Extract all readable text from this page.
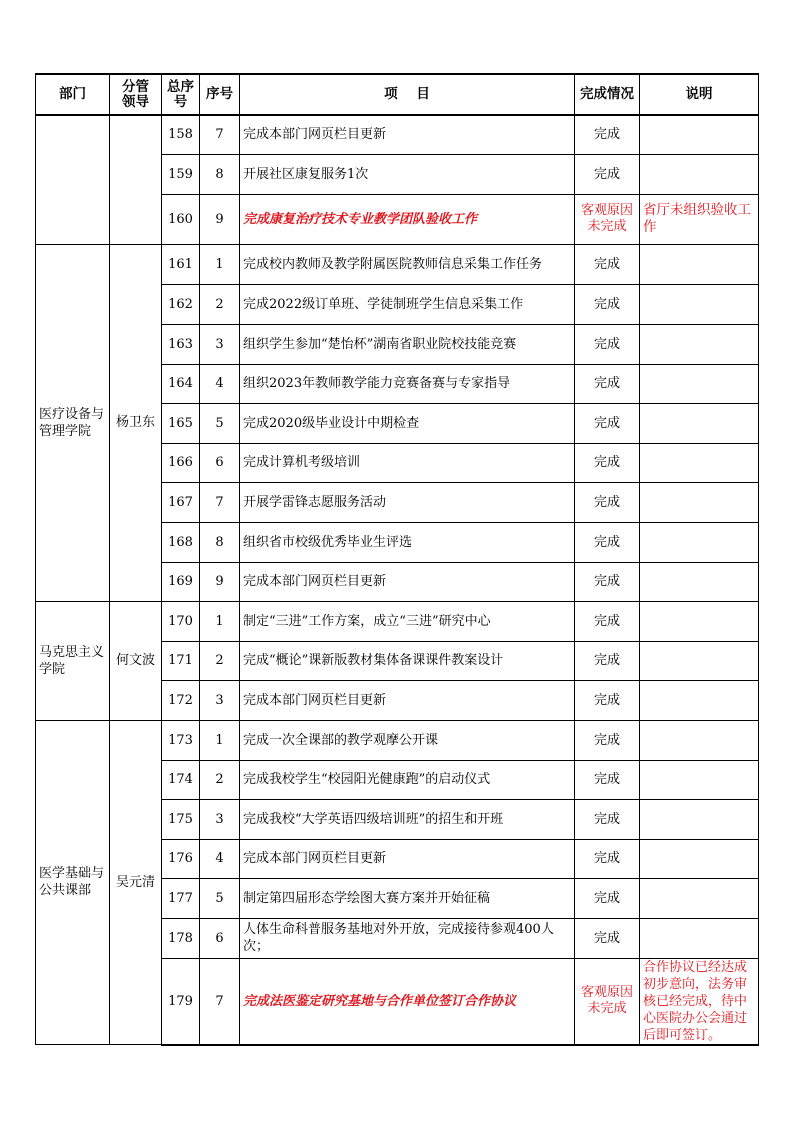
部门	分管领导	总序号	序号	项 目	完成情况	说明
		158	7	完成本部门网页栏目更新	完成	
		159	8	开展社区康复服务1次	完成	
		160	9	完成康复治疗技术专业教学团队验收工作	客观原因未完成	省厅未组织验收工作
医疗设备与管理学院	杨卫东	161	1	完成校内教师及教学附属医院教师信息采集工作任务	完成	
		162	2	完成2022级订单班、学徒制班学生信息采集工作	完成	
		163	3	组织学生参加“楚怡杯”湖南省职业院校技能竞赛	完成	
		164	4	组织2023年教师教学能力竞赛备赛与专家指导	完成	
		165	5	完成2020级毕业设计中期检查	完成	
		166	6	完成计算机考级培训	完成	
		167	7	开展学雷锋志愿服务活动	完成	
		168	8	组织省市校级优秀毕业生评选	完成	
		169	9	完成本部门网页栏目更新	完成	
马克思主义学院	何文波	170	1	制定“三进”工作方案，成立“三进”研究中心	完成	
		171	2	完成“概论”课新版教材集体备课课件教案设计	完成	
		172	3	完成本部门网页栏目更新	完成	
医学基础与公共课部	吴元清	173	1	完成一次全课部的教学观摩公开课	完成	
		174	2	完成我校学生“校园阳光健康跑”的启动仪式	完成	
		175	3	完成我校“大学英语四级培训班”的招生和开班	完成	
		176	4	完成本部门网页栏目更新	完成	
		177	5	制定第四届形态学绘图大赛方案并开始征稿	完成	
		178	6	人体生命科普服务基地对外开放，完成接待参观400人次；	完成	
		179	7	完成法医鉴定研究基地与合作单位签订合作协议	客观原因未完成	合作协议已经达成初步意向，法务审核已经完成，待中心医院办公会通过后即可签订。
